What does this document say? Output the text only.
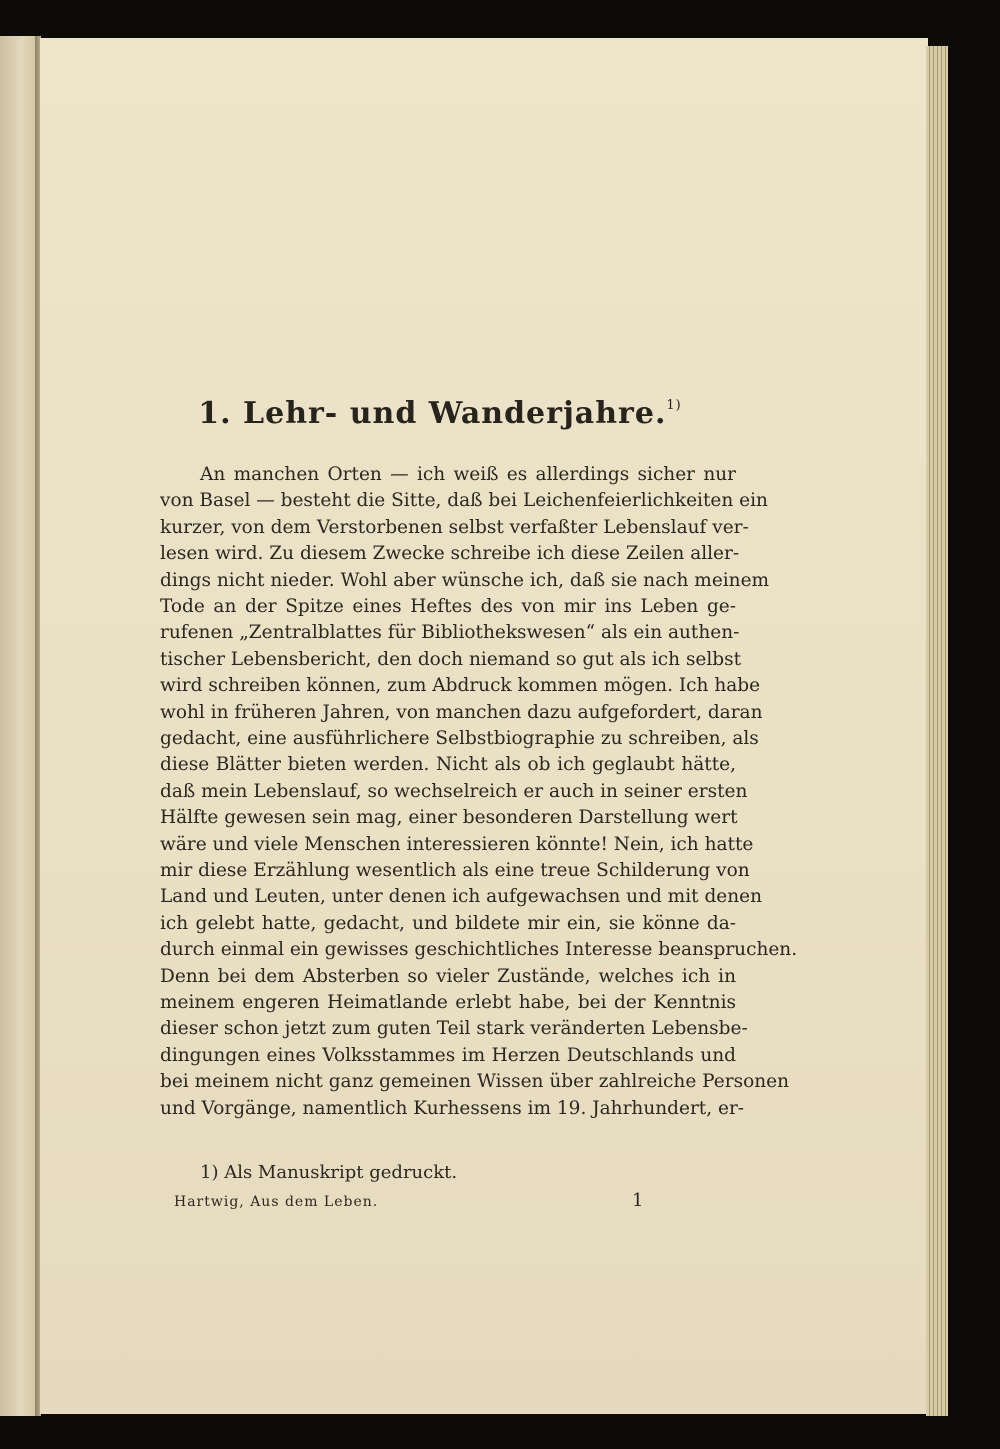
1. Lehr- und Wanderjahre.$^{1)}$
An manchen Orten — ich weiß es allerdings sicher nur
von Basel — besteht die Sitte, daß bei Leichenfeierlichkeiten ein
kurzer, von dem Verstorbenen selbst verfaßter Lebenslauf ver-
lesen wird. Zu diesem Zwecke schreibe ich diese Zeilen aller-
dings nicht nieder. Wohl aber wünsche ich, daß sie nach meinem
Tode an der Spitze eines Heftes des von mir ins Leben ge-
rufenen „Zentralblattes für Bibliothekswesen“ als ein authen-
tischer Lebensbericht, den doch niemand so gut als ich selbst
wird schreiben können, zum Abdruck kommen mögen. Ich habe
wohl in früheren Jahren, von manchen dazu aufgefordert, daran
gedacht, eine ausführlichere Selbstbiographie zu schreiben, als
diese Blätter bieten werden. Nicht als ob ich geglaubt hätte,
daß mein Lebenslauf, so wechselreich er auch in seiner ersten
Hälfte gewesen sein mag, einer besonderen Darstellung wert
wäre und viele Menschen interessieren könnte! Nein, ich hatte
mir diese Erzählung wesentlich als eine treue Schilderung von
Land und Leuten, unter denen ich aufgewachsen und mit denen
ich gelebt hatte, gedacht, und bildete mir ein, sie könne da-
durch einmal ein gewisses geschichtliches Interesse beanspruchen.
Denn bei dem Absterben so vieler Zustände, welches ich in
meinem engeren Heimatlande erlebt habe, bei der Kenntnis
dieser schon jetzt zum guten Teil stark veränderten Lebensbe-
dingungen eines Volksstammes im Herzen Deutschlands und
bei meinem nicht ganz gemeinen Wissen über zahlreiche Personen
und Vorgänge, namentlich Kurhessens im 19. Jahrhundert, er-
1) Als Manuskript gedruckt.
Hartwig, Aus dem Leben.	1
